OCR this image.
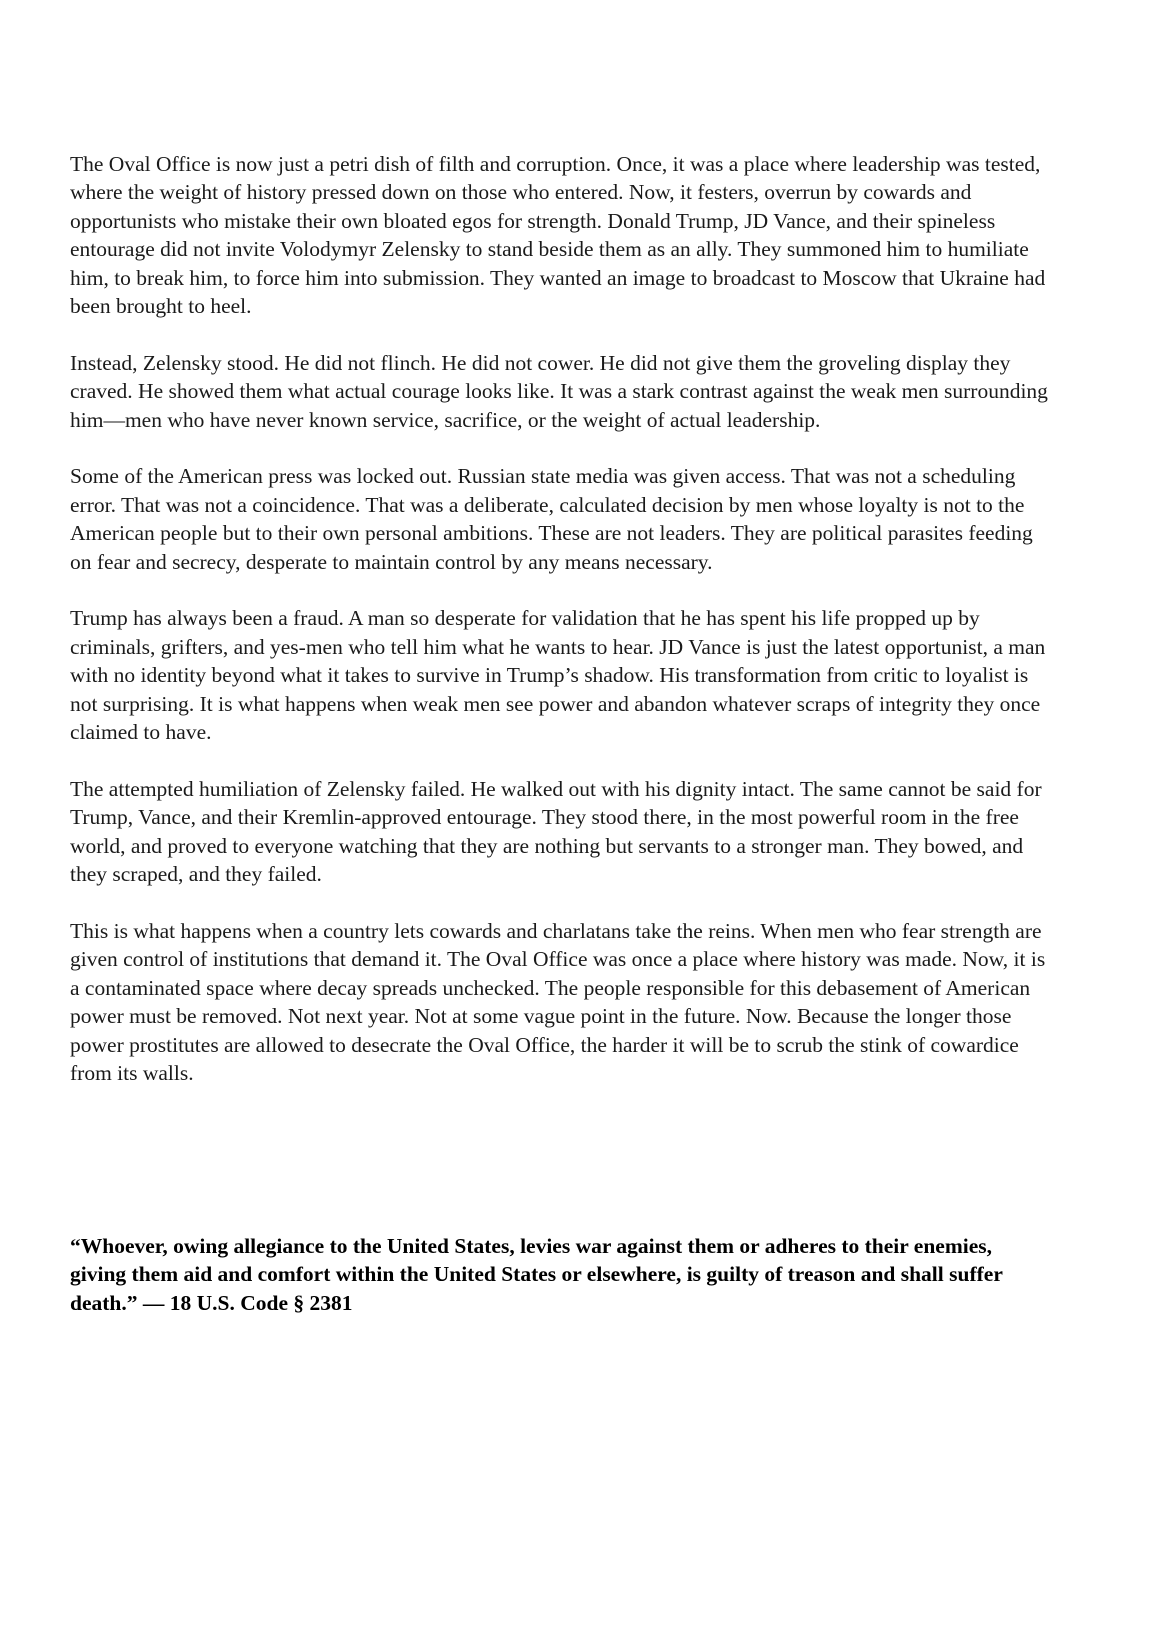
The Oval Office is now just a petri dish of filth and corruption. Once, it was a place where leadership was tested, where the weight of history pressed down on those who entered. Now, it festers, overrun by cowards and opportunists who mistake their own bloated egos for strength. Donald Trump, JD Vance, and their spineless entourage did not invite Volodymyr Zelensky to stand beside them as an ally. They summoned him to humiliate him, to break him, to force him into submission. They wanted an image to broadcast to Moscow that Ukraine had been brought to heel.

Instead, Zelensky stood. He did not flinch. He did not cower. He did not give them the groveling display they craved. He showed them what actual courage looks like. It was a stark contrast against the weak men surrounding him—men who have never known service, sacrifice, or the weight of actual leadership.

Some of the American press was locked out. Russian state media was given access. That was not a scheduling error. That was not a coincidence. That was a deliberate, calculated decision by men whose loyalty is not to the American people but to their own personal ambitions. These are not leaders. They are political parasites feeding on fear and secrecy, desperate to maintain control by any means necessary.

Trump has always been a fraud. A man so desperate for validation that he has spent his life propped up by criminals, grifters, and yes-men who tell him what he wants to hear. JD Vance is just the latest opportunist, a man with no identity beyond what it takes to survive in Trump’s shadow. His transformation from critic to loyalist is not surprising. It is what happens when weak men see power and abandon whatever scraps of integrity they once claimed to have.

The attempted humiliation of Zelensky failed. He walked out with his dignity intact. The same cannot be said for Trump, Vance, and their Kremlin-approved entourage. They stood there, in the most powerful room in the free world, and proved to everyone watching that they are nothing but servants to a stronger man. They bowed, and they scraped, and they failed.

This is what happens when a country lets cowards and charlatans take the reins. When men who fear strength are given control of institutions that demand it. The Oval Office was once a place where history was made. Now, it is a contaminated space where decay spreads unchecked. The people responsible for this debasement of American power must be removed. Not next year. Not at some vague point in the future. Now. Because the longer those power prostitutes are allowed to desecrate the Oval Office, the harder it will be to scrub the stink of cowardice from its walls.

“Whoever, owing allegiance to the United States, levies war against them or adheres to their enemies, giving them aid and comfort within the United States or elsewhere, is guilty of treason and shall suffer death.” — 18 U.S. Code § 2381
